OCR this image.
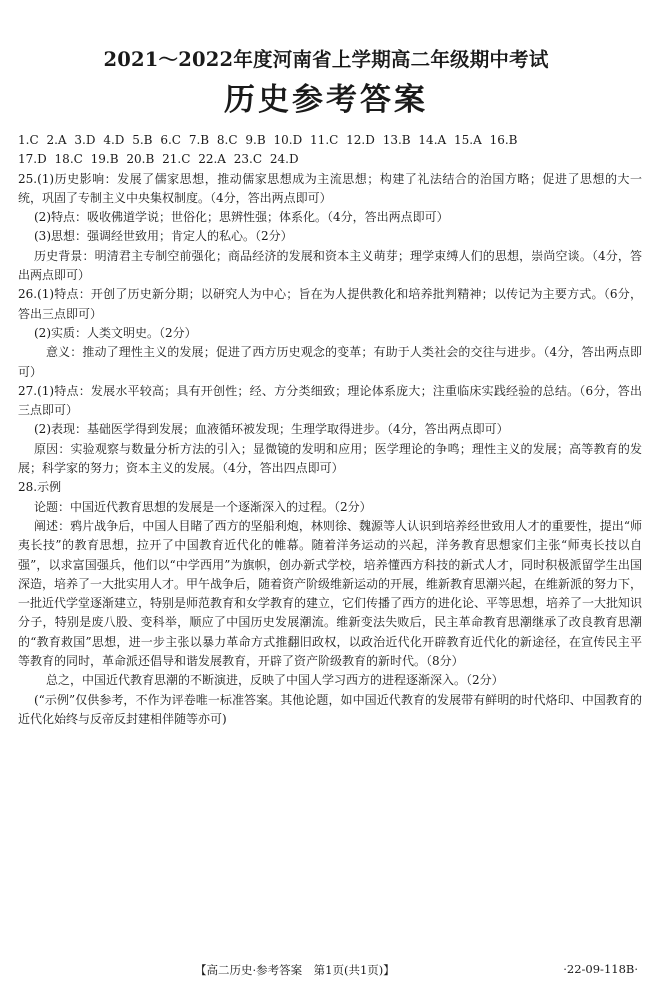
2021～2022年度河南省上学期高二年级期中考试
历史参考答案
1.C 2.A 3.D 4.D 5.B 6.C 7.B 8.C 9.B 10.D 11.C 12.D 13.B 14.A 15.A 16.B
17.D 18.C 19.B 20.B 21.C 22.A 23.C 24.D

25.(1)历史影响：发展了儒家思想，推动儒家思想成为主流思想；构建了礼法结合的治国方略；促进了思想的大一统，巩固了专制主义中央集权制度。（4分，答出两点即可）

(2)特点：吸收佛道学说；世俗化；思辨性强；体系化。（4分，答出两点即可）

(3)思想：强调经世致用；肯定人的私心。（2分）

历史背景：明清君主专制空前强化；商品经济的发展和资本主义萌芽；理学束缚人们的思想，崇尚空谈。（4分，答出两点即可）

26.(1)特点：开创了历史新分期；以研究人为中心；旨在为人提供教化和培养批判精神；以传记为主要方式。（6分，答出三点即可）

(2)实质：人类文明史。（2分）

意义：推动了理性主义的发展；促进了西方历史观念的变革；有助于人类社会的交往与进步。（4分，答出两点即可）

27.(1)特点：发展水平较高；具有开创性；经、方分类细致；理论体系庞大；注重临床实践经验的总结。（6分，答出三点即可）

(2)表现：基础医学得到发展；血液循环被发现；生理学取得进步。（4分，答出两点即可）

原因：实验观察与数量分析方法的引入；显微镜的发明和应用；医学理论的争鸣；理性主义的发展；高等教育的发展；科学家的努力；资本主义的发展。（4分，答出四点即可）

28.示例

论题：中国近代教育思想的发展是一个逐渐深入的过程。（2分）

阐述：鸦片战争后，中国人目睹了西方的坚船利炮，林则徐、魏源等人认识到培养经世致用人才的重要性，提出“师夷长技”的教育思想，拉开了中国教育近代化的帷幕。随着洋务运动的兴起，洋务教育思想家们主张“师夷长技以自强”，以求富国强兵，他们以“中学西用”为旗帜，创办新式学校，培养懂西方科技的新式人才，同时积极派留学生出国深造，培养了一大批实用人才。甲午战争后，随着资产阶级维新运动的开展，维新教育思潮兴起，在维新派的努力下，一批近代学堂逐渐建立，特别是师范教育和女学教育的建立，它们传播了西方的进化论、平等思想，培养了一大批知识分子，特别是废八股、变科举，顺应了中国历史发展潮流。维新变法失败后，民主革命教育思潮继承了改良教育思潮的“教育救国”思想，进一步主张以暴力革命方式推翻旧政权，以政治近代化开辟教育近代化的新途径，在宣传民主平等教育的同时，革命派还倡导和谐发展教育，开辟了资产阶级教育的新时代。（8分）

总之，中国近代教育思潮的不断演进，反映了中国人学习西方的进程逐渐深入。（2分）

(“示例”仅供参考，不作为评卷唯一标准答案。其他论题，如中国近代教育的发展带有鲜明的时代烙印、中国教育的近代化始终与反帝反封建相伴随等亦可)

【高二历史·参考答案　第1页(共1页)】	·22-09-118B·
